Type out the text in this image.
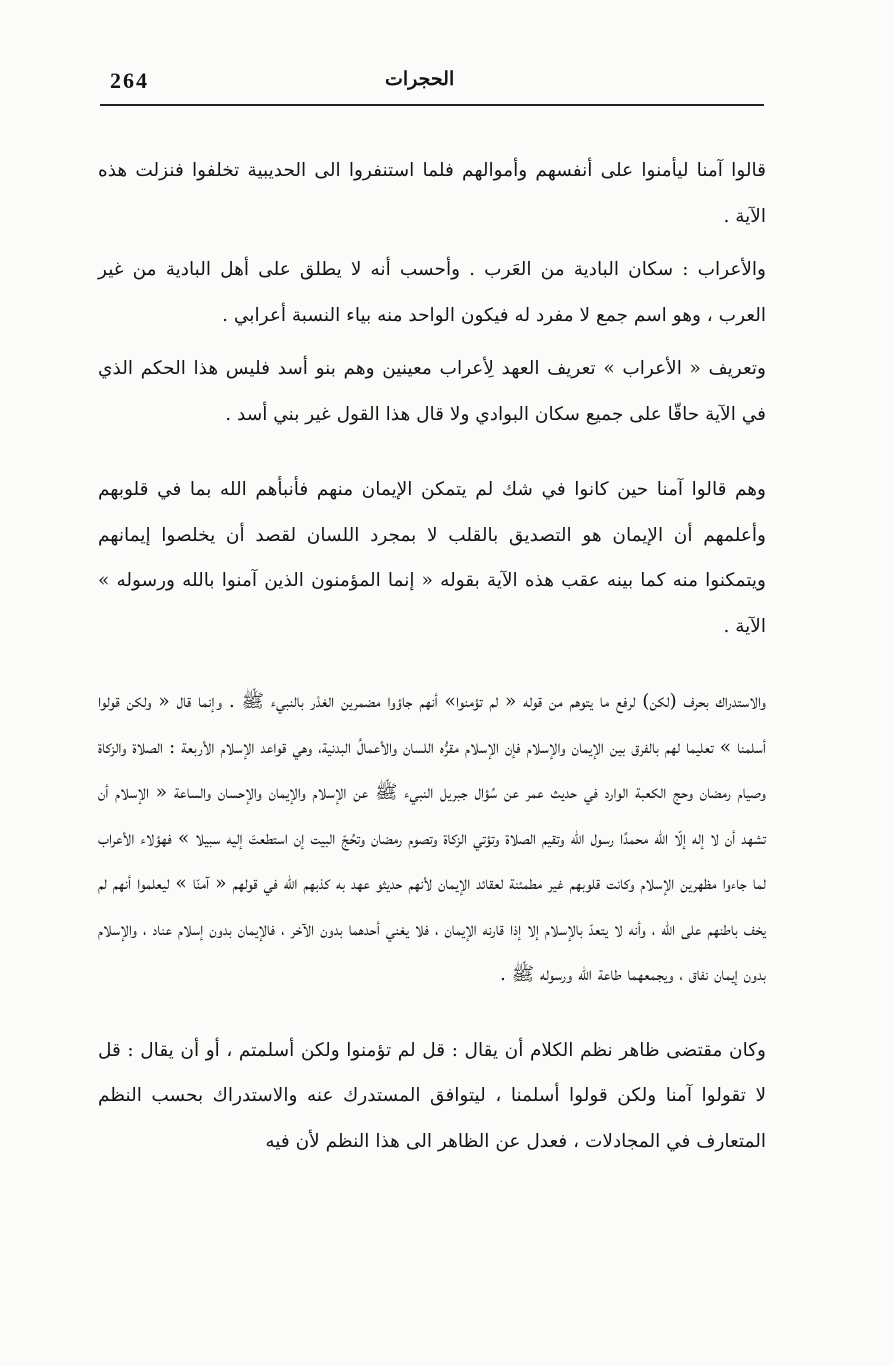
264	الحجرات

قالوا آمنا ليأمنوا على أنفسهم وأموالهم فلما استنفروا الى الحديبية تخلفوا فنزلت هذه الآية .

والأعراب : سكان البادية من العَرب . وأحسب أنه لا يطلق على أهل البادية من غير العرب ، وهو اسم جمع لا مفرد له فيكون الواحد منه بياء النسبة أعرابي .

وتعريف « الأعراب » تعريف العهد لِأعراب معينين وهم بنو أسد فليس هذا الحكم الذي في الآية حاقّا على جميع سكان البوادي ولا قال هذا القول غير بني أسد .

وهم قالوا آمنا حين كانوا في شك لم يتمكن الإيمان منهم فأنبأهم الله بما في قلوبهم وأعلمهم أن الإيمان هو التصديق بالقلب لا بمجرد اللسان لقصد أن يخلصوا إيمانهم ويتمكنوا منه كما بينه عقب هذه الآية بقوله « إنما المؤمنون الذين آمنوا بالله ورسوله » الآية .

والاستدراك بحرف (لكن) لرفع ما يتوهم من قوله « لم تؤمنوا» أنهم جاؤوا مضمرين الغدْر بالنبيء ﷺ . وإنما قال « ولكن قولوا أسلمنا » تعليما لهم بالفرق بين الإيمان والإسلام فإن الإسلام مقرُّه اللسان والأعمالُ البدنية، وهي قواعد الإسلام الأربعة : الصلاة والزكاة وصيام رمضان وحج الكعبة الوارد في حديث عمر عن سُؤال جبريل النبيء ﷺ عن الإسلام والإيمان والإحسان والساعة « الإسلام أن تشهد أن لا إله إلّا الله محمدًا رسول الله وتقيم الصلاة وتؤتي الزكاة وتصوم رمضان وتحُجّ البيت إن استطعتَ إليه سبيلا » فهؤلاء الأعراب لما جاءوا مظهرين الإسلام وكانت قلوبهم غير مطمئنة لعقائد الإيمان لأنهم حديثو عهد به كذبهم الله في قولهم « آمنّا » ليعلموا أنهم لم يخف باطنهم على الله ، وأنه لا يتعدّ بالإسلام إلا إذا قارنه الإيمان ، فلا يغني أحدهما بدون الآخر ، فالإيمان بدون إسلام عناد ، والإسلام بدون إيمان نفاق ، ويجمعهما طاعة الله ورسوله ﷺ .

وكان مقتضى ظاهر نظم الكلام أن يقال : قل لم تؤمنوا ولكن أسلمتم ، أو أن يقال : قل لا تقولوا آمنا ولكن قولوا أسلمنا ، ليتوافق المستدرك عنه والاستدراك بحسب النظم المتعارف في المجادلات ، فعدل عن الظاهر الى هذا النظم لأن فيه
